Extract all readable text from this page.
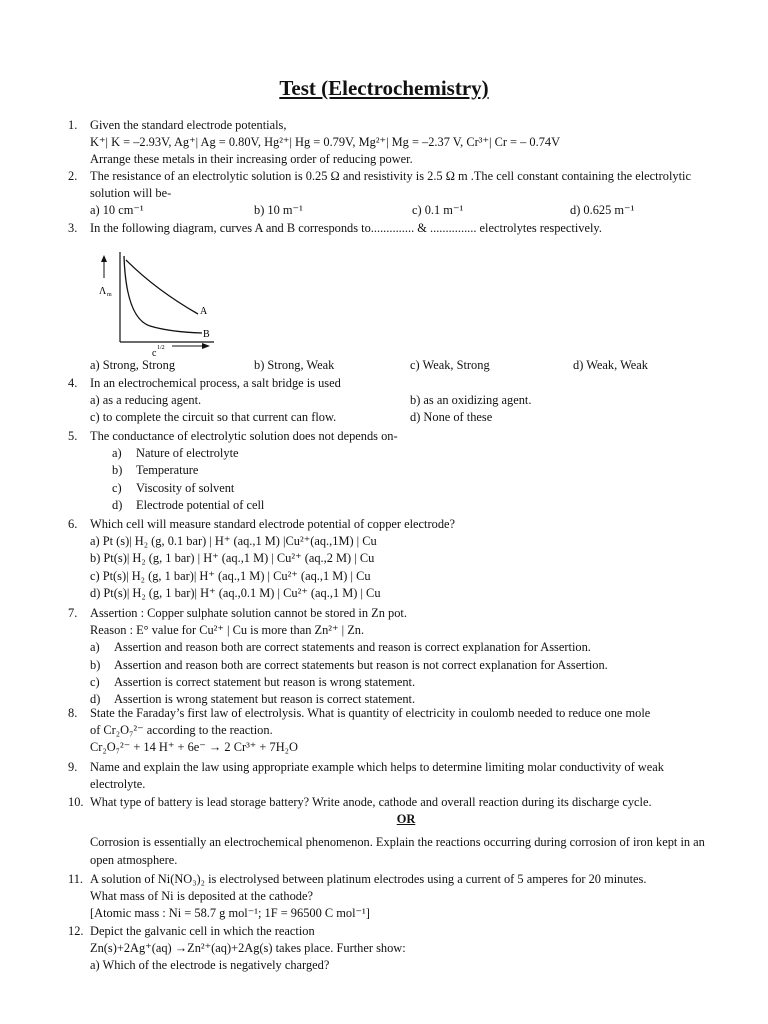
Test (Electrochemistry)
1.	Given the standard electrode potentials,
K⁺| K = –2.93V, Ag⁺| Ag = 0.80V, Hg²⁺| Hg = 0.79V, Mg²⁺| Mg = –2.37 V, Cr³⁺| Cr = – 0.74V
Arrange these metals in their increasing order of reducing power.
2.	The resistance of an electrolytic solution is 0.25 Ω and resistivity is 2.5 Ω m .The cell constant containing the electrolytic solution will be-
a) 10 cm⁻¹	b) 10 m⁻¹	c) 0.1 m⁻¹	d) 0.625 m⁻¹
3.	In the following diagram, curves A and B corresponds to.............. & ............... electrolytes respectively.
A
B
Λ m
c 1/2
a) Strong, Strong	b) Strong, Weak	c) Weak, Strong	d) Weak, Weak
4.	In an electrochemical process, a salt bridge is used
a) as a reducing agent.	b) as an oxidizing agent.
c) to complete the circuit so that current can flow.	d) None of these
5.	The conductance of electrolytic solution does not depends on-
a) Nature of electrolyte
b) Temperature
c) Viscosity of solvent
d) Electrode potential of cell
6.	Which cell will measure standard electrode potential of copper electrode?
a) Pt (s)| H₂ (g, 0.1 bar) | H⁺ (aq.,1 M) |Cu²⁺(aq.,1M) | Cu
b) Pt(s)| H₂ (g, 1 bar) | H⁺ (aq.,1 M) | Cu²⁺ (aq.,2 M) | Cu
c) Pt(s)| H₂ (g, 1 bar)| H⁺ (aq.,1 M) | Cu²⁺ (aq.,1 M) | Cu
d) Pt(s)| H₂ (g, 1 bar)| H⁺ (aq.,0.1 M) | Cu²⁺ (aq.,1 M) | Cu
7.	Assertion : Copper sulphate solution cannot be stored in Zn pot.
Reason : E° value for Cu²⁺ | Cu is more than Zn²⁺ | Zn.
a) Assertion and reason both are correct statements and reason is correct explanation for Assertion.
b) Assertion and reason both are correct statements but reason is not correct explanation for Assertion.
c) Assertion is correct statement but reason is wrong statement.
d) Assertion is wrong statement but reason is correct statement.
8.	State the Faraday’s first law of electrolysis. What is quantity of electricity in coulomb needed to reduce one mole
of Cr₂O₇²⁻ according to the reaction.
Cr₂O₇²⁻ + 14 H⁺ + 6e⁻ → 2 Cr³⁺ + 7H₂O
9.	Name and explain the law using appropriate example which helps to determine limiting molar conductivity of weak electrolyte.
10. What type of battery is lead storage battery? Write anode, cathode and overall reaction during its discharge cycle.
OR
Corrosion is essentially an electrochemical phenomenon. Explain the reactions occurring during corrosion of iron kept in an open atmosphere.
11. A solution of Ni(NO₃)₂ is electrolysed between platinum electrodes using a current of 5 amperes for 20 minutes.
What mass of Ni is deposited at the cathode?
[Atomic mass : Ni = 58.7 g mol⁻¹; 1F = 96500 C mol⁻¹]
12. Depict the galvanic cell in which the reaction
Zn(s)+2Ag⁺(aq) →Zn²⁺(aq)+2Ag(s) takes place. Further show:
a) Which of the electrode is negatively charged?
